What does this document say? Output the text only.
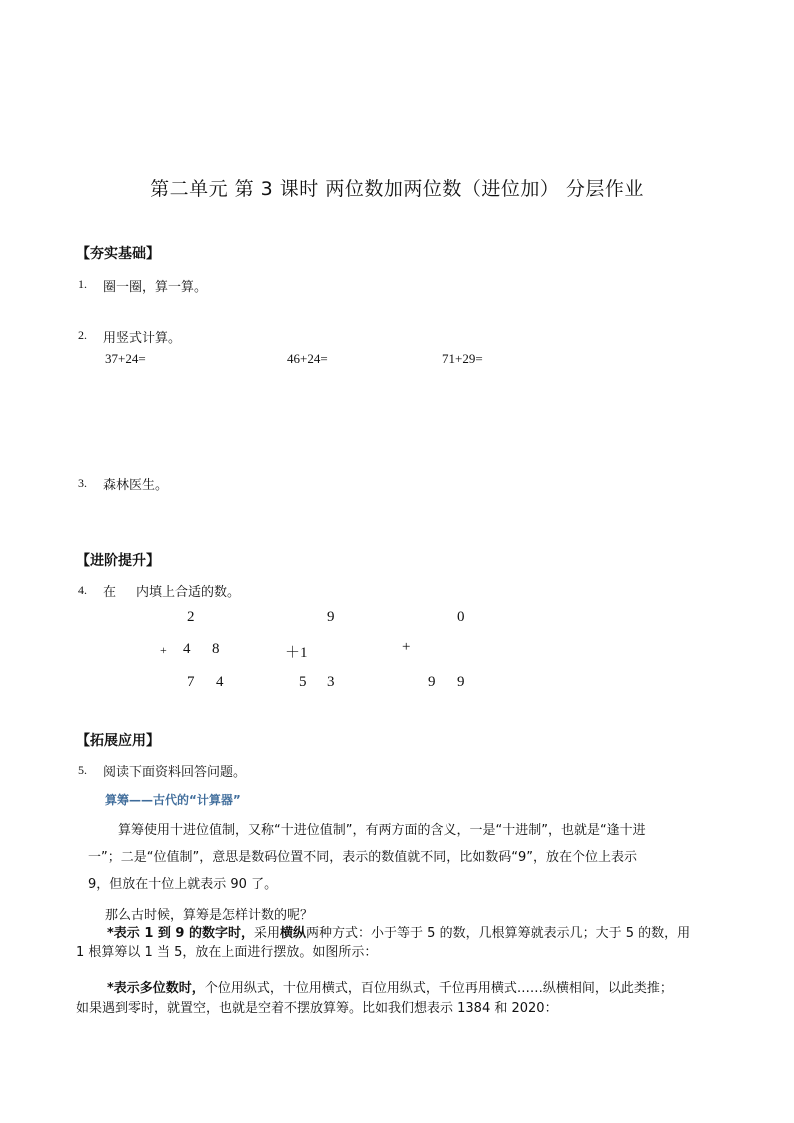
第二单元 第 3 课时 两位数加两位数（进位加） 分层作业
【夯实基础】
1. 圈一圈，算一算。
2. 用竖式计算。
37+24=	46+24=	71+29=
3. 森林医生。
【进阶提升】
4. 在 内填上合适的数。
2	9	0
+ 4 8	＋1	+
7 4	5 3	9 9
【拓展应用】
5. 阅读下面资料回答问题。
算筹——古代的“计算器”
算筹使用十进位值制，又称“十进位值制”，有两方面的含义，一是“十进制”，也就是“逢十进
一”；二是“位值制”，意思是数码位置不同，表示的数值就不同，比如数码“9”，放在个位上表示
9，但放在十位上就表示 90 了。
那么古时候，算筹是怎样计数的呢？
*表示 1 到 9 的数字时，采用横纵两种方式：小于等于 5 的数，几根算筹就表示几；大于 5 的数，用
1 根算筹以 1 当 5，放在上面进行摆放。如图所示：
*表示多位数时，个位用纵式，十位用横式，百位用纵式，千位再用横式……纵横相间，以此类推；
如果遇到零时，就置空，也就是空着不摆放算筹。比如我们想表示 1384 和 2020：
